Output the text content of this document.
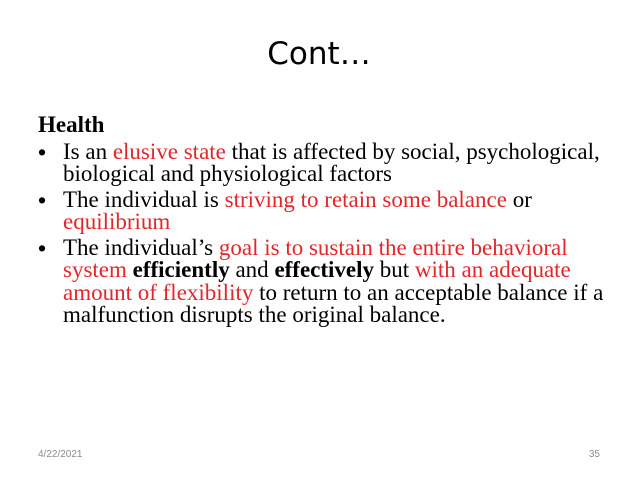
Cont…
Health
• Is an elusive state that is affected by social, psychological, biological and physiological factors
• The individual is striving to retain some balance or equilibrium
• The individual’s goal is to sustain the entire behavioral system efficiently and effectively but with an adequate amount of flexibility to return to an acceptable balance if a malfunction disrupts the original balance.
4/22/2021	35
